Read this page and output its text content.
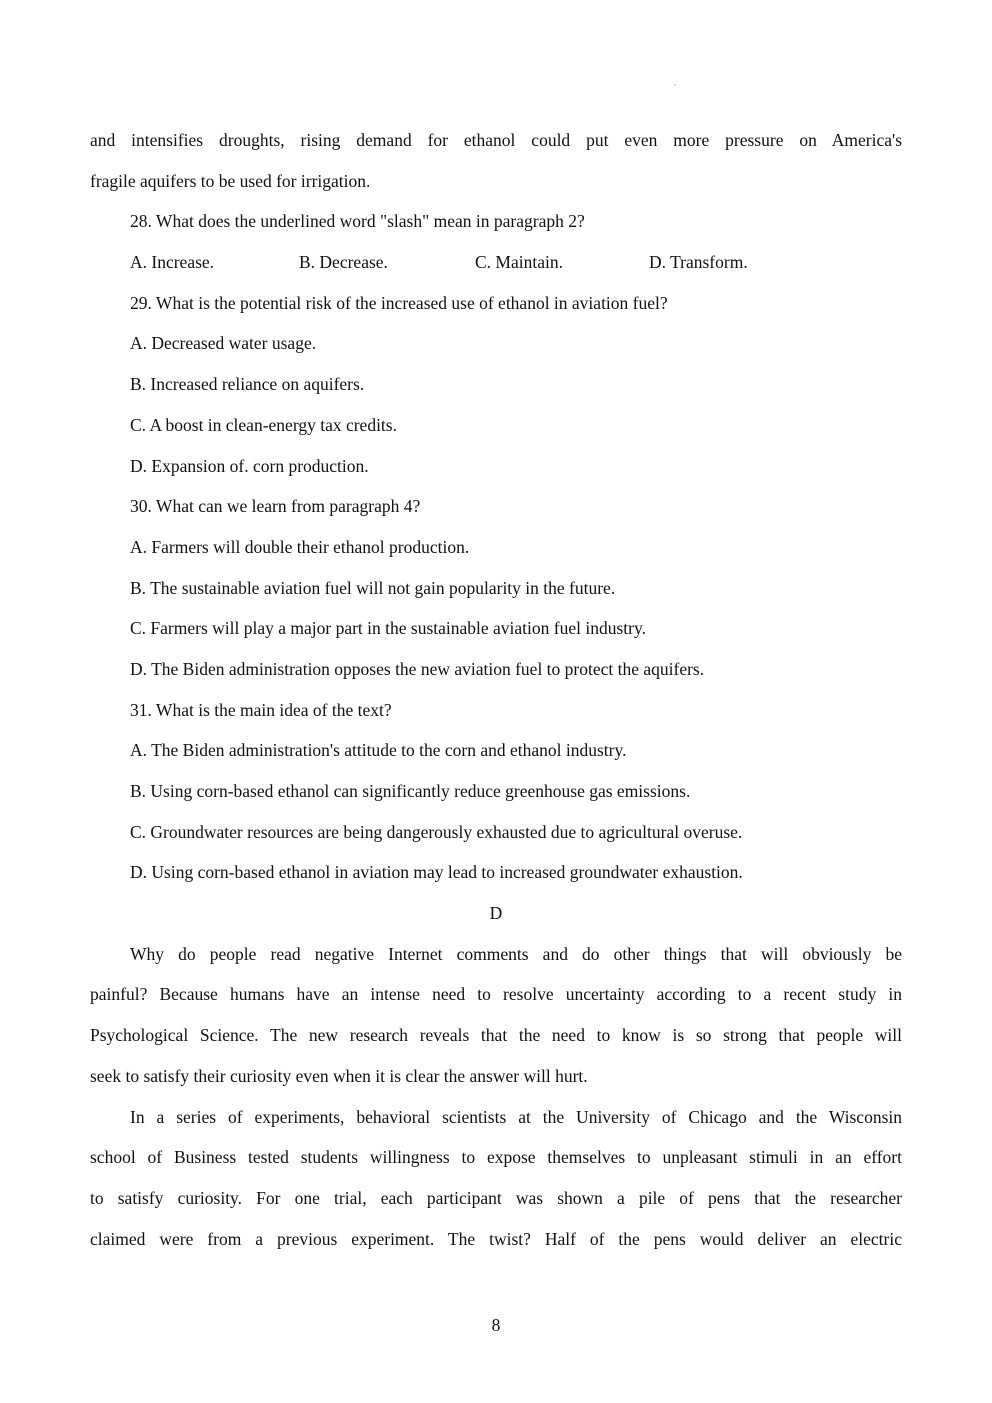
and intensifies droughts, rising demand for ethanol could put even more pressure on America's
fragile aquifers to be used for irrigation.
28. What does the underlined word "slash" mean in paragraph 2?
A. Increase.	B. Decrease.	C. Maintain.	D. Transform.
29. What is the potential risk of the increased use of ethanol in aviation fuel?
A. Decreased water usage.
B. Increased reliance on aquifers.
C. A boost in clean-energy tax credits.
D. Expansion of. corn production.
30. What can we learn from paragraph 4?
A. Farmers will double their ethanol production.
B. The sustainable aviation fuel will not gain popularity in the future.
C. Farmers will play a major part in the sustainable aviation fuel industry.
D. The Biden administration opposes the new aviation fuel to protect the aquifers.
31. What is the main idea of the text?
A. The Biden administration's attitude to the corn and ethanol industry.
B. Using corn-based ethanol can significantly reduce greenhouse gas emissions.
C. Groundwater resources are being dangerously exhausted due to agricultural overuse.
D. Using corn-based ethanol in aviation may lead to increased groundwater exhaustion.
D
Why do people read negative Internet comments and do other things that will obviously be
painful? Because humans have an intense need to resolve uncertainty according to a recent study in
Psychological Science. The new research reveals that the need to know is so strong that people will
seek to satisfy their curiosity even when it is clear the answer will hurt.
In a series of experiments, behavioral scientists at the University of Chicago and the Wisconsin
school of Business tested students willingness to expose themselves to unpleasant stimuli in an effort
to satisfy curiosity. For one trial, each participant was shown a pile of pens that the researcher
claimed were from a previous experiment. The twist? Half of the pens would deliver an electric
8
